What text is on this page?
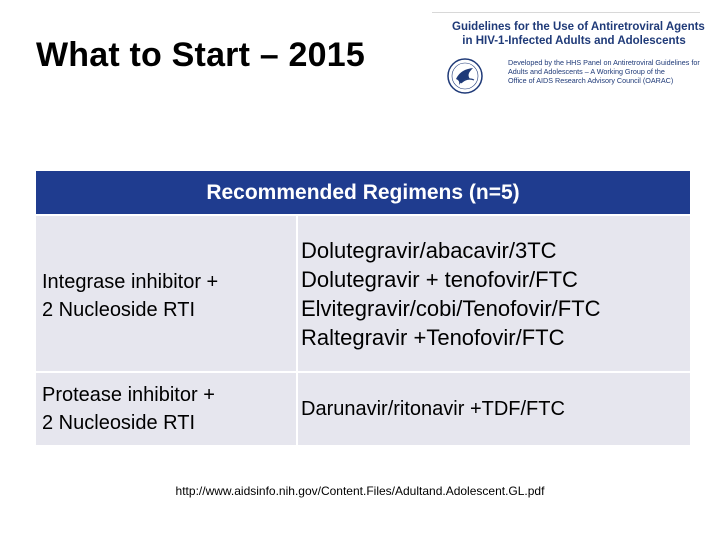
What to Start – 2015
Guidelines for the Use of Antiretroviral Agents
in HIV-1-Infected Adults and Adolescents
Developed by the HHS Panel on Antiretroviral Guidelines for
Adults and Adolescents – A Working Group of the
Office of AIDS Research Advisory Council (OARAC)
Recommended Regimens (n=5)
Integrase inhibitor +
2 Nucleoside RTI
Dolutegravir/abacavir/3TC
Dolutegravir + tenofovir/FTC
Elvitegravir/cobi/Tenofovir/FTC
Raltegravir +Tenofovir/FTC
Protease inhibitor +
2 Nucleoside RTI
Darunavir/ritonavir +TDF/FTC
http://www.aidsinfo.nih.gov/Content.Files/Adultand.Adolescent.GL.pdf
